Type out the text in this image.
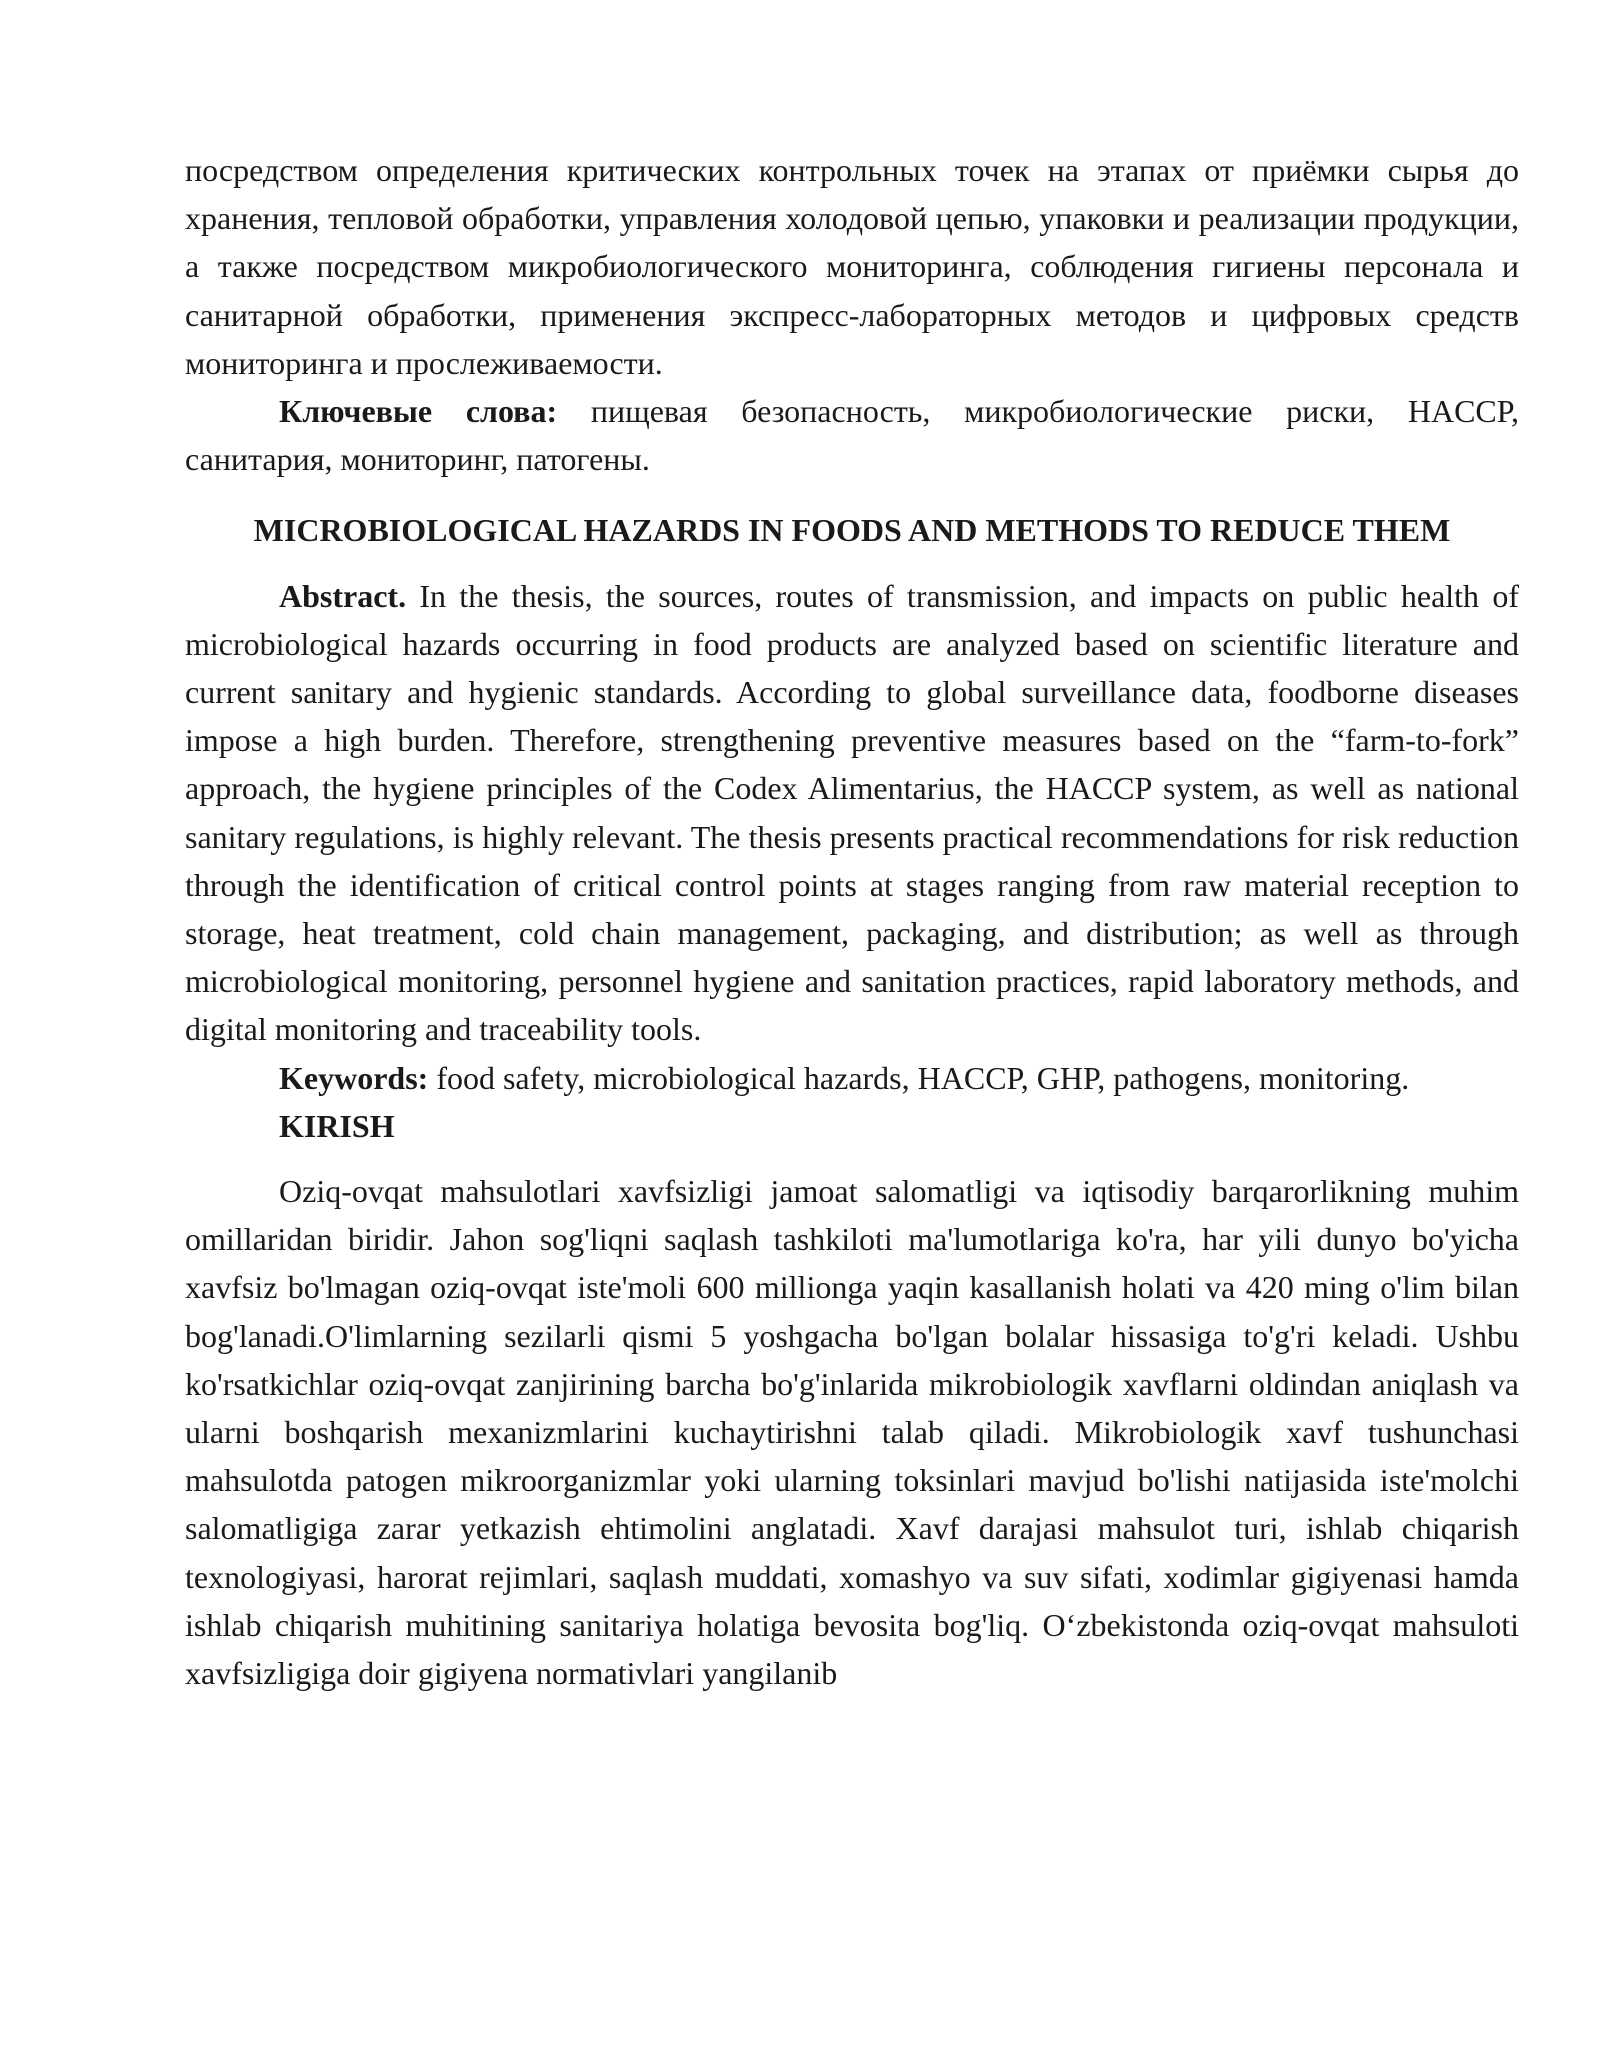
посредством определения критических контрольных точек на этапах от приёмки сырья до хранения, тепловой обработки, управления холодовой цепью, упаковки и реализации продукции, а также посредством микробиологического мониторинга, соблюдения гигиены персонала и санитарной обработки, применения экспресс-лабораторных методов и цифровых средств мониторинга и прослеживаемости.

Ключевые слова: пищевая безопасность, микробиологические риски, HACCP, санитария, мониторинг, патогены.

MICROBIOLOGICAL HAZARDS IN FOODS AND METHODS TO REDUCE THEM

Abstract. In the thesis, the sources, routes of transmission, and impacts on public health of microbiological hazards occurring in food products are analyzed based on scientific literature and current sanitary and hygienic standards. According to global surveillance data, foodborne diseases impose a high burden. Therefore, strengthening preventive measures based on the “farm-to-fork” approach, the hygiene principles of the Codex Alimentarius, the HACCP system, as well as national sanitary regulations, is highly relevant. The thesis presents practical recommendations for risk reduction through the identification of critical control points at stages ranging from raw material reception to storage, heat treatment, cold chain management, packaging, and distribution; as well as through microbiological monitoring, personnel hygiene and sanitation practices, rapid laboratory methods, and digital monitoring and traceability tools.

Keywords: food safety, microbiological hazards, HACCP, GHP, pathogens, monitoring.

KIRISH

Oziq-ovqat mahsulotlari xavfsizligi jamoat salomatligi va iqtisodiy barqarorlikning muhim omillaridan biridir. Jahon sog'liqni saqlash tashkiloti ma'lumotlariga ko'ra, har yili dunyo bo'yicha xavfsiz bo'lmagan oziq-ovqat iste'moli 600 millionga yaqin kasallanish holati va 420 ming o'lim bilan bog'lanadi.O'limlarning sezilarli qismi 5 yoshgacha bo'lgan bolalar hissasiga to'g'ri keladi. Ushbu ko'rsatkichlar oziq-ovqat zanjirining barcha bo'g'inlarida mikrobiologik xavflarni oldindan aniqlash va ularni boshqarish mexanizmlarini kuchaytirishni talab qiladi. Mikrobiologik xavf tushunchasi mahsulotda patogen mikroorganizmlar yoki ularning toksinlari mavjud bo'lishi natijasida iste'molchi salomatligiga zarar yetkazish ehtimolini anglatadi. Xavf darajasi mahsulot turi, ishlab chiqarish texnologiyasi, harorat rejimlari, saqlash muddati, xomashyo va suv sifati, xodimlar gigiyenasi hamda ishlab chiqarish muhitining sanitariya holatiga bevosita bog'liq. O‘zbekistonda oziq-ovqat mahsuloti xavfsizligiga doir gigiyena normativlari yangilanib
